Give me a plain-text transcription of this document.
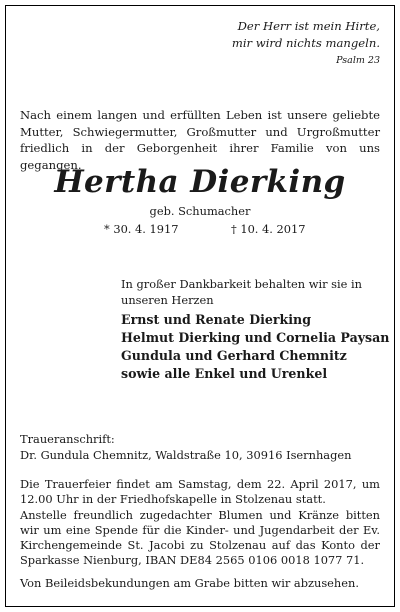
Der Herr ist mein Hirte,
mir wird nichts mangeln.
Psalm 23
Nach einem langen und erfüllten Leben ist unsere geliebte
Mutter, Schwiegermutter, Großmutter und Urgroßmutter
friedlich in der Geborgenheit ihrer Familie von uns gegangen.
Hertha Dierking
geb. Schumacher
* 30. 4. 1917	† 10. 4. 2017
In großer Dankbarkeit behalten wir sie in
unseren Herzen
Ernst und Renate Dierking
Helmut Dierking und Cornelia Paysan
Gundula und Gerhard Chemnitz
sowie alle Enkel und Urenkel
Traueranschrift:
Dr. Gundula Chemnitz, Waldstraße 10, 30916 Isernhagen
Die Trauerfeier findet am Samstag, dem 22. April 2017, um
12.00 Uhr in der Friedhofskapelle in Stolzenau statt.
Anstelle freundlich zugedachter Blumen und Kränze bitten
wir um eine Spende für die Kinder- und Jugendarbeit der Ev.
Kirchengemeinde St. Jacobi zu Stolzenau auf das Konto der
Sparkasse Nienburg, IBAN DE84 2565 0106 0018 1077 71.
Von Beileidsbekundungen am Grabe bitten wir abzusehen.
